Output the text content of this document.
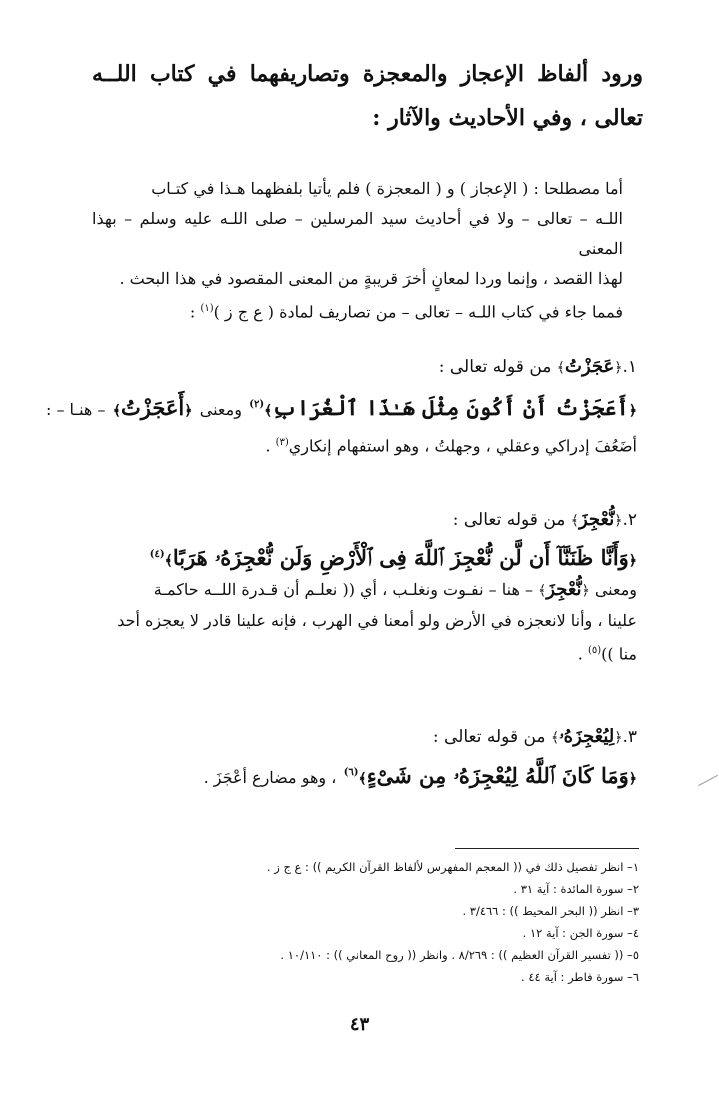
ورود ألفاظ الإعجاز والمعجزة وتصاريفهما في كتاب اللــه تعالى ، وفي الأحاديث والآثار :
أما مصطلحا : ( الإعجاز ) و ( المعجزة ) فلم يأتيا بلفظهما هـذا في كتـاب
اللـه – تعالى – ولا في أحاديث سيد المرسلين – صلى اللـه عليه وسلم – بهذا المعنى
لهذا القصد ، وإنما وردا لمعانٍ أخرَ قريبةٍ من المعنى المقصود في هذا البحث .
فمما جاء في كتاب اللـه – تعالى – من تصاريف لمادة ( ع ج ز )$^{(١)}$ :
١.﴿عَجَزْتُ﴾ من قوله تعالى :
﴿أَعَجَزْتُ أَنْ أَكُونَ مِثْلَ هَـٰذَا ٱلْغُرَابِ﴾$^{(٢)}$ ومعنى ﴿أَعَجَزْتُ﴾ – هنـا – :
أضَعُفَ إدراكي وعقلي ، وجهلتُ ، وهو استفهام إنكاري$^{(٣)}$ .
٢.﴿نُّعْجِزَ﴾ من قوله تعالى :
﴿وَأَنَّا ظَنَنَّآ أَن لَّن نُّعْجِزَ ٱللَّهَ فِى ٱلْأَرْضِ وَلَن نُّعْجِزَهُۥ هَرَبًا﴾$^{(٤)}$
ومعنى ﴿نُّعْجِزَ﴾ – هنا – نفـوت ونغلـب ، أي (( نعلـم أن قـدرة اللــه حاكمـة
علينا ، وأنا لانعجزه في الأرض ولو أمعنا في الهرب ، فإنه علينا قادر لا يعجزه أحد
منا ))$^{(٥)}$ .
٣.﴿لِيُعْجِزَهُۥ﴾ من قوله تعالى :
﴿وَمَا كَانَ ٱللَّهُ لِيُعْجِزَهُۥ مِن شَىْءٍ﴾$^{(٦)}$ ، وهو مضارع أعْجَزَ .
١– انظر تفصيل ذلك في (( المعجم المفهرس لألفاظ القرآن الكريم )) : ع ج ز .
٢– سورة المائدة : آية ٣١ .
٣– انظر (( البحر المحيط )) : ٣/٤٦٦ .
٤– سورة الجن : آية ١٢ .
٥– (( تفسير القرآن العظيم )) : ٨/٢٦٩ . وانظر (( روح المعاني )) : ١٠/١١٠ .
٦– سورة فاطر : آية ٤٤ .
٤٣
